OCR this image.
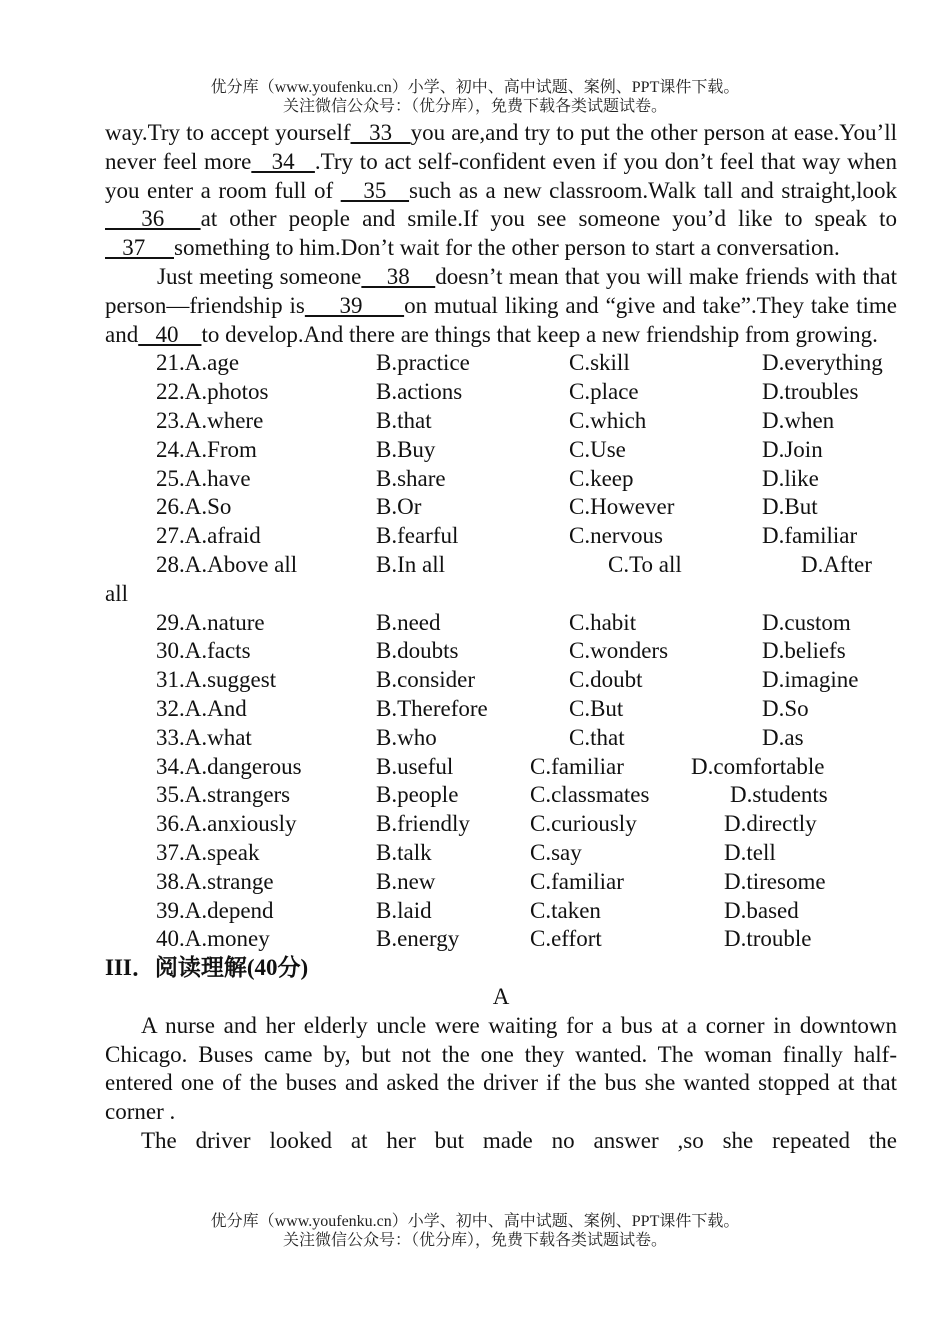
优分库（www.youfenku.cn）小学、初中、高中试题、案例、PPT课件下载。
关注微信公众号：（优分库），免费下载各类试题试卷。

way.Try to accept yourself   33   you are,and try to put the other person at ease.You’ll never feel more   34   .Try to act self-confident even if you don’t feel that way when you enter a room full of    35   such as a new classroom.Walk tall and straight,look   36   at other people and smile.If you see someone you’d like to speak to   37     something to him.Don’t wait for the other person to start a conversation.

Just meeting someone    38    doesn’t mean that you will make friends with that person—friendship is     39      on mutual liking and “give and take”.They take time and   40    to develop.And there are things that keep a new friendship from growing.

21.A.age	B.practice	C.skill	D.everything
22.A.photos	B.actions	C.place	D.troubles
23.A.where	B.that	C.which	D.when
24.A.From	B.Buy	C.Use	D.Join
25.A.have	B.share	C.keep	D.like
26.A.So	B.Or	C.However	D.But
27.A.afraid	B.fearful	C.nervous	D.familiar
28.A.Above all	B.In all	C.To all	D.After
all
29.A.nature	B.need	C.habit	D.custom
30.A.facts	B.doubts	C.wonders	D.beliefs
31.A.suggest	B.consider	C.doubt	D.imagine
32.A.And	B.Therefore	C.But	D.So
33.A.what	B.who	C.that	D.as
34.A.dangerous	B.useful	C.familiar	D.comfortable
35.A.strangers	B.people	C.classmates	D.students
36.A.anxiously	B.friendly	C.curiously	D.directly
37.A.speak	B.talk	C.say	D.tell
38.A.strange	B.new	C.familiar	D.tiresome
39.A.depend	B.laid	C.taken	D.based
40.A.money	B.energy	C.effort	D.trouble

III．阅读理解(40分)

A

A nurse and her elderly uncle were waiting for a bus at a corner in downtown Chicago. Buses came by, but not the one they wanted. The woman finally half-entered one of the buses and asked the driver if the bus she wanted stopped at that corner .

The driver looked at her but made no answer ,so she repeated the

优分库（www.youfenku.cn）小学、初中、高中试题、案例、PPT课件下载。
关注微信公众号：（优分库），免费下载各类试题试卷。
